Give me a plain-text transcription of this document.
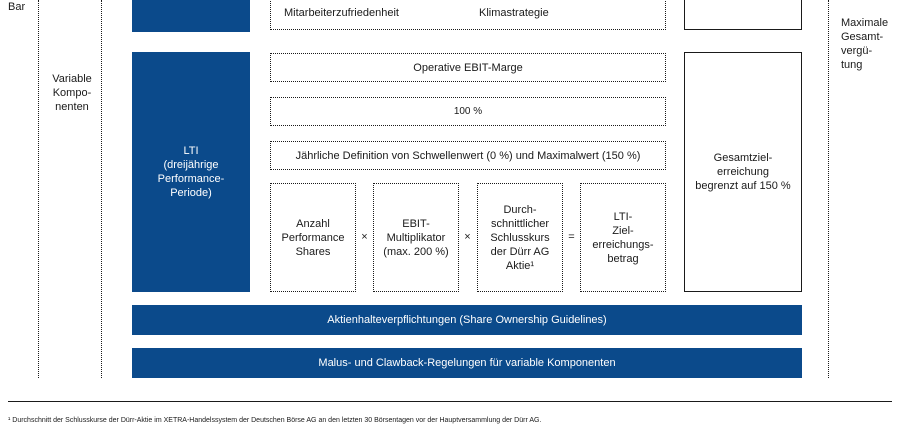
Bar
Variable
Kompo-
nenten
Maximale
Gesamt-
vergü-
tung
Mitarbeiterzufriedenheit	Klimastrategie
LTI
(dreijährige
Performance-
Periode)
Operative EBIT-Marge
100 %
Jährliche Definition von Schwellenwert (0 %) und Maximalwert (150 %)
Anzahl
Performance
Shares
×
EBIT-
Multiplikator
(max. 200 %)
×
Durch-
schnittlicher
Schlusskurs
der Dürr AG
Aktie¹
=
LTI-
Ziel-
erreichungs-
betrag
Gesamtziel-
erreichung
begrenzt auf 150 %
Aktienhalteverpflichtungen (Share Ownership Guidelines)
Malus- und Clawback-Regelungen für variable Komponenten
¹ Durchschnitt der Schlusskurse der Dürr-Aktie im XETRA-Handelssystem der Deutschen Börse AG an den letzten 30 Börsentagen vor der Hauptversammlung der Dürr AG.
